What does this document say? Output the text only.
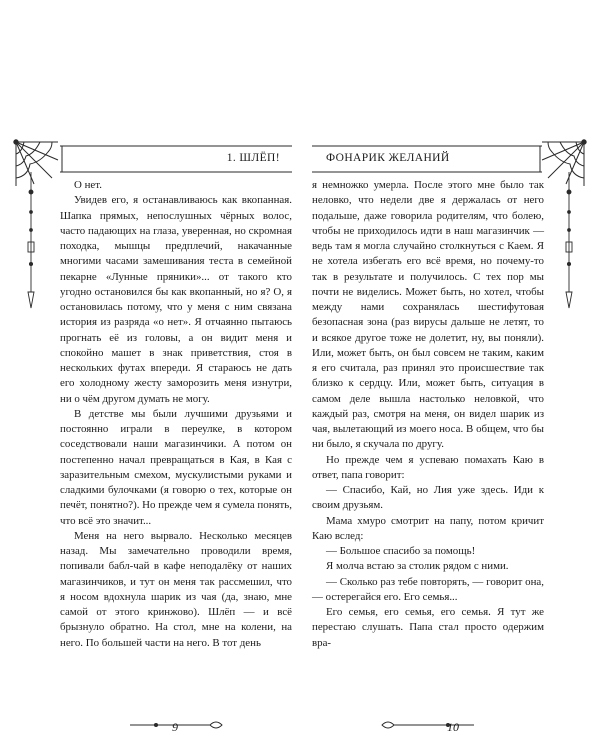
1. ШЛЁП!

О нет.

Увидев его, я останавливаюсь как вкопанная. Шапка прямых, непослушных чёрных волос, часто падающих на глаза, уверенная, но скромная походка, мышцы предплечий, накачанные многими часами замешивания теста в семейной пекарне «Лунные пряники»... от такого кто угодно остановился бы как вкопанный, но я? О, я остановилась потому, что у меня с ним связана история из разряда «о нет». Я отчаянно пытаюсь прогнать её из головы, а он видит меня и спокойно машет в знак приветствия, стоя в нескольких футах впереди. Я стараюсь не дать его холодному жесту заморозить меня изнутри, ни о чём другом думать не могу.

В детстве мы были лучшими друзьями и постоянно играли в переулке, в котором соседствовали наши магазинчики. А потом он постепенно начал превращаться в Кая, в Кая с заразительным смехом, мускулистыми руками и сладкими булочками (я говорю о тех, которые он печёт, понятно?). Но прежде чем я сумела понять, что всё это значит...

Меня на него вырвало. Несколько месяцев назад. Мы замечательно проводили время, попивали бабл-чай в кафе неподалёку от наших магазинчиков, и тут он меня так рассмешил, что я носом вдохнула шарик из чая (да, знаю, мне самой от этого кринжово). Шлёп — и всё брызнуло обратно. На стол, мне на колени, на него. По большей части на него. В тот день

9
ФОНАРИК ЖЕЛАНИЙ

я немножко умерла. После этого мне было так неловко, что недели две я держалась от него подальше, даже говорила родителям, что болею, чтобы не приходилось идти в наш магазинчик — ведь там я могла случайно столкнуться с Каем. Я не хотела избегать его всё время, но почему-то так в результате и получилось. С тех пор мы почти не виделись. Может быть, но хотел, чтобы между нами сохранялась шестифутовая безопасная зона (раз вирусы дальше не летят, то и всякое другое тоже не долетит, ну, вы поняли). Или, может быть, он был совсем не таким, каким я его считала, раз принял это происшествие так близко к сердцу. Или, может быть, ситуация в самом деле вышла настолько неловкой, что каждый раз, смотря на меня, он видел шарик из чая, вылетающий из моего носа. В общем, что бы ни было, я скучала по другу.

Но прежде чем я успеваю помахать Каю в ответ, папа говорит:

— Спасибо, Кай, но Лия уже здесь. Иди к своим друзьям.

Мама хмуро смотрит на папу, потом кричит Каю вслед:

— Большое спасибо за помощь!

Я молча встаю за столик рядом с ними.

— Сколько раз тебе повторять, — говорит она, — остерегайся его. Его семья...

Его семья, его семья, его семья. Я тут же перестаю слушать. Папа стал просто одержим вра-

10
